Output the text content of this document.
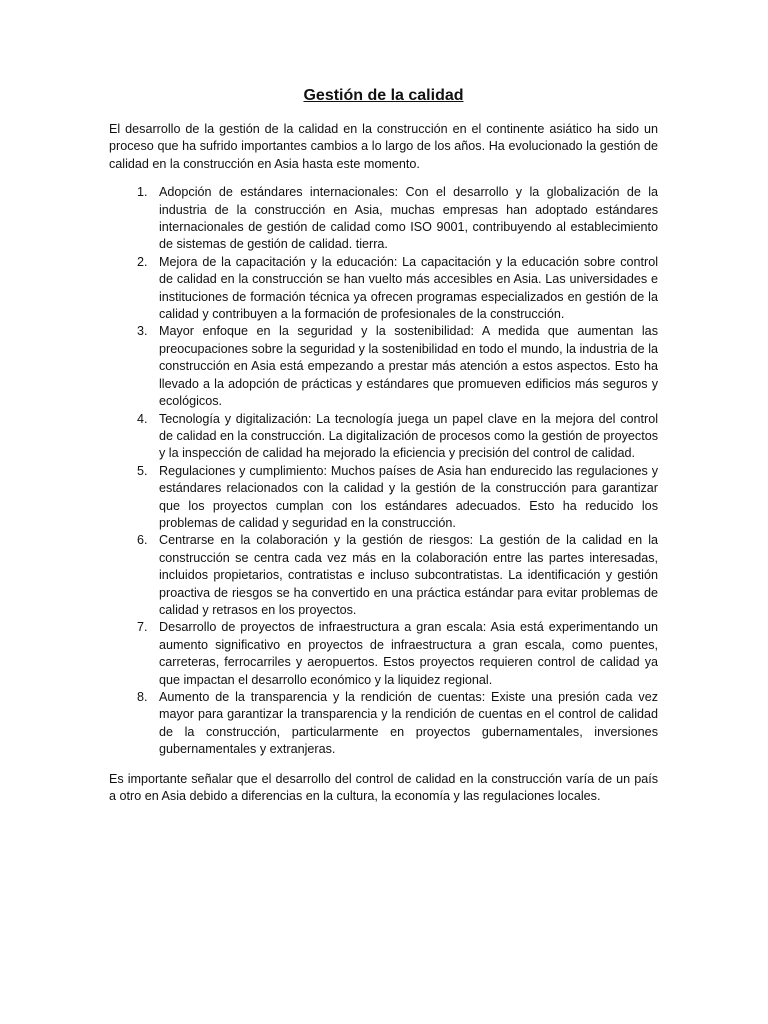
Gestión de la calidad

El desarrollo de la gestión de la calidad en la construcción en el continente asiático ha sido un proceso que ha sufrido importantes cambios a lo largo de los años. Ha evolucionado la gestión de calidad en la construcción en Asia hasta este momento.

1. Adopción de estándares internacionales: Con el desarrollo y la globalización de la industria de la construcción en Asia, muchas empresas han adoptado estándares internacionales de gestión de calidad como ISO 9001, contribuyendo al establecimiento de sistemas de gestión de calidad. tierra.
2. Mejora de la capacitación y la educación: La capacitación y la educación sobre control de calidad en la construcción se han vuelto más accesibles en Asia. Las universidades e instituciones de formación técnica ya ofrecen programas especializados en gestión de la calidad y contribuyen a la formación de profesionales de la construcción.
3. Mayor enfoque en la seguridad y la sostenibilidad: A medida que aumentan las preocupaciones sobre la seguridad y la sostenibilidad en todo el mundo, la industria de la construcción en Asia está empezando a prestar más atención a estos aspectos. Esto ha llevado a la adopción de prácticas y estándares que promueven edificios más seguros y ecológicos.
4. Tecnología y digitalización: La tecnología juega un papel clave en la mejora del control de calidad en la construcción. La digitalización de procesos como la gestión de proyectos y la inspección de calidad ha mejorado la eficiencia y precisión del control de calidad.
5. Regulaciones y cumplimiento: Muchos países de Asia han endurecido las regulaciones y estándares relacionados con la calidad y la gestión de la construcción para garantizar que los proyectos cumplan con los estándares adecuados. Esto ha reducido los problemas de calidad y seguridad en la construcción.
6. Centrarse en la colaboración y la gestión de riesgos: La gestión de la calidad en la construcción se centra cada vez más en la colaboración entre las partes interesadas, incluidos propietarios, contratistas e incluso subcontratistas. La identificación y gestión proactiva de riesgos se ha convertido en una práctica estándar para evitar problemas de calidad y retrasos en los proyectos.
7. Desarrollo de proyectos de infraestructura a gran escala: Asia está experimentando un aumento significativo en proyectos de infraestructura a gran escala, como puentes, carreteras, ferrocarriles y aeropuertos. Estos proyectos requieren control de calidad ya que impactan el desarrollo económico y la liquidez regional.
8. Aumento de la transparencia y la rendición de cuentas: Existe una presión cada vez mayor para garantizar la transparencia y la rendición de cuentas en el control de calidad de la construcción, particularmente en proyectos gubernamentales, inversiones gubernamentales y extranjeras.

Es importante señalar que el desarrollo del control de calidad en la construcción varía de un país a otro en Asia debido a diferencias en la cultura, la economía y las regulaciones locales.
